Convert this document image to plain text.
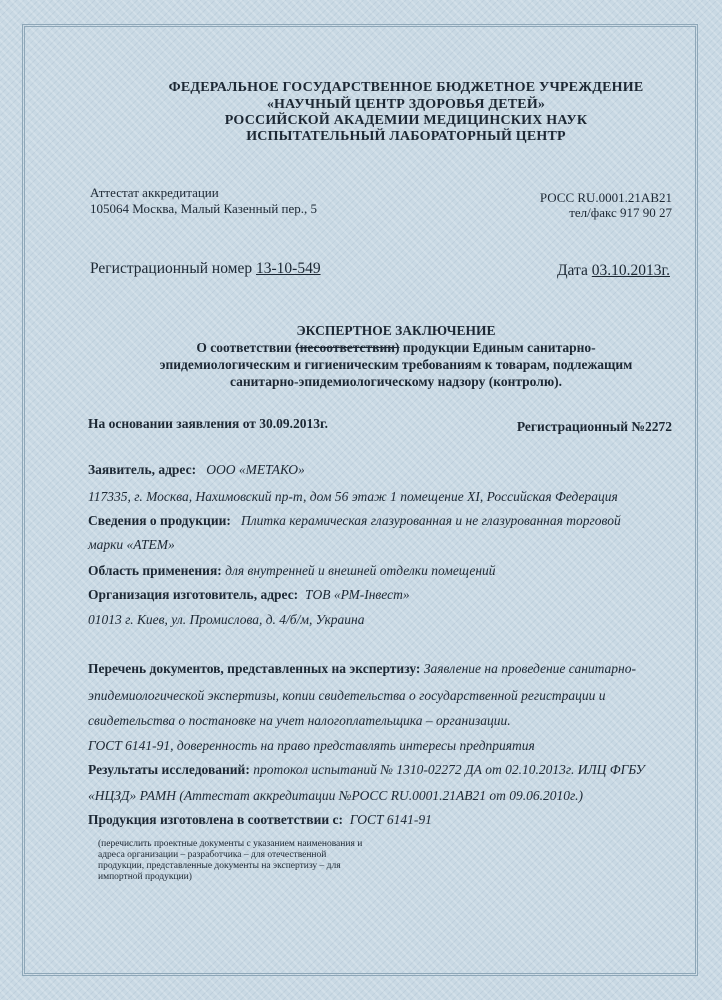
ФЕДЕРАЛЬНОЕ ГОСУДАРСТВЕННОЕ БЮДЖЕТНОЕ УЧРЕЖДЕНИЕ
«НАУЧНЫЙ ЦЕНТР ЗДОРОВЬЯ ДЕТЕЙ»
РОССИЙСКОЙ АКАДЕМИИ МЕДИЦИНСКИХ НАУК
ИСПЫТАТЕЛЬНЫЙ ЛАБОРАТОРНЫЙ ЦЕНТР
Аттестат аккредитации
105064 Москва, Малый Казенный пер., 5
РОСС RU.0001.21АВ21
тел/факс 917 90 27
Регистрационный номер 13-10-549	Дата 03.10.2013г.
ЭКСПЕРТНОЕ ЗАКЛЮЧЕНИЕ
О соответствии (несоответствии) продукции Единым санитарно-
эпидемиологическим и гигиеническим требованиям к товарам, подлежащим
санитарно-эпидемиологическому надзору (контролю).
На основании заявления от 30.09.2013г.	Регистрационный №2272
Заявитель, адрес: ООО «МЕТАКО»
117335, г. Москва, Нахимовский пр-т, дом 56 этаж 1 помещение XI, Российская Федерация
Сведения о продукции: Плитка керамическая глазурованная и не глазурованная торговой
марки «АТЕМ»
Область применения: для внутренней и внешней отделки помещений
Организация изготовитель, адрес: ТОВ «РМ-Інвест»
01013 г. Киев, ул. Промислова, д. 4/б/м, Украина
Перечень документов, представленных на экспертизу: Заявление на проведение санитарно-
эпидемиологической экспертизы, копии свидетельства о государственной регистрации и
свидетельства о постановке на учет налогоплательщика – организации.
ГОСТ 6141-91, доверенность на право представлять интересы предприятия
Результаты исследований: протокол испытаний № 1310-02272 ДА от 02.10.2013г. ИЛЦ ФГБУ
«НЦЗД» РАМН (Аттестат аккредитации №РОСС RU.0001.21АВ21 от 09.06.2010г.)
Продукция изготовлена в соответствии с: ГОСТ 6141-91
(перечислить проектные документы с указанием наименования и адреса организации – разработчика – для отечественной продукции, представленные документы на экспертизу – для импортной продукции)
